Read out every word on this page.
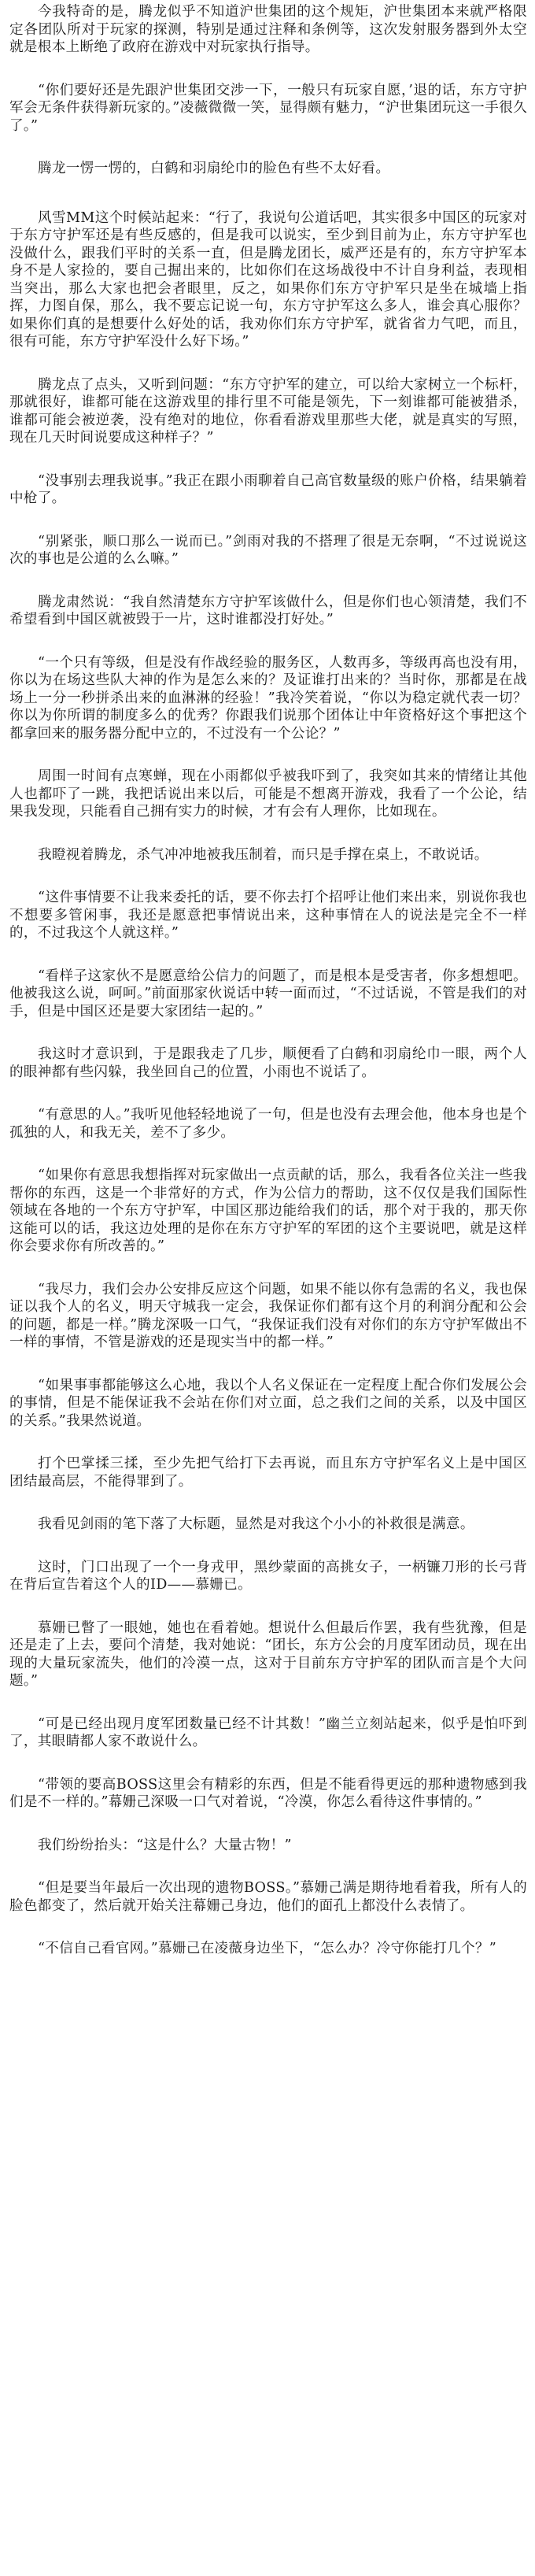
今我特奇的是，腾龙似乎不知道沪世集团的这个规矩，沪世集团本来就严格限定各团队所对于玩家的探测，特别是通过注释和条例等，这次发射服务器到外太空就是根本上断绝了政府在游戏中对玩家执行指导。

“你们要好还是先跟沪世集团交涉一下，一般只有玩家自愿，’退的话，东方守护军会无条件获得新玩家的。”凌薇微微一笑，显得颇有魅力，“沪世集团玩这一手很久了。”

腾龙一愣一愣的，白鹤和羽扇纶巾的脸色有些不太好看。

风雪MM这个时候站起来：“行了，我说句公道话吧，其实很多中国区的玩家对于东方守护军还是有些反感的，但是我可以说实，至少到目前为止，东方守护军也没做什么，跟我们平时的关系一直，但是腾龙团长，威严还是有的，东方守护军本身不是人家捡的，要自己掘出来的，比如你们在这场战役中不计自身利益，表现相当突出，那么大家也把会者眼里，反之，如果你们东方守护军只是坐在城墙上指挥，力图自保，那么，我不要忘记说一句，东方守护军这么多人，谁会真心服你？如果你们真的是想要什么好处的话，我劝你们东方守护军，就省省力气吧，而且，很有可能，东方守护军没什么好下场。”

腾龙点了点头，又听到问题：“东方守护军的建立，可以给大家树立一个标杆，那就很好，谁都可能在这游戏里的排行里不可能是领先，下一刻谁都可能被猎杀，谁都可能会被逆袭，没有绝对的地位，你看看游戏里那些大佬，就是真实的写照，现在几天时间说要成这种样子？”

“没事别去理我说事。”我正在跟小雨聊着自己高官数量级的账户价格，结果躺着中枪了。

“别紧张，顺口那么一说而已。”剑雨对我的不搭理了很是无奈啊，“不过说说这次的事也是公道的么么嘛。”

腾龙肃然说：“我自然清楚东方守护军该做什么，但是你们也心领清楚，我们不希望看到中国区就被毁于一片，这时谁都没打好处。”

“一个只有等级，但是没有作战经验的服务区，人数再多，等级再高也没有用，你以为在场这些队大神的作为是怎么来的？及证谁打出来的？当时你，那都是在战场上一分一秒拼杀出来的血淋淋的经验！”我冷笑着说，“你以为稳定就代表一切？你以为你所谓的制度多么的优秀？你跟我们说那个团体让中年资格好这个事把这个都拿回来的服务器分配中立的，不过没有一个公论？”

周围一时间有点寒蝉，现在小雨都似乎被我吓到了，我突如其来的情绪让其他人也都吓了一跳，我把话说出来以后，可能是不想离开游戏，我看了一个公论，结果我发现，只能看自己拥有实力的时候，才有会有人理你，比如现在。

我瞪视着腾龙，杀气冲冲地被我压制着，而只是手撑在桌上，不敢说话。

“这件事情要不让我来委托的话，要不你去打个招呼让他们来出来，别说你我也不想要多管闲事，我还是愿意把事情说出来，这种事情在人的说法是完全不一样的，不过我这个人就这样。”

“看样子这家伙不是愿意给公信力的问题了，而是根本是受害者，你多想想吧。他被我这么说，呵呵。”前面那家伙说话中转一面而过，“不过话说，不管是我们的对手，但是中国区还是要大家团结一起的。”

我这时才意识到，于是跟我走了几步，顺便看了白鹤和羽扇纶巾一眼，两个人的眼神都有些闪躲，我坐回自己的位置，小雨也不说话了。

“有意思的人。”我听见他轻轻地说了一句，但是也没有去理会他，他本身也是个孤独的人，和我无关，差不了多少。

“如果你有意思我想指挥对玩家做出一点贡献的话，那么，我看各位关注一些我帮你的东西，这是一个非常好的方式，作为公信力的帮助，这不仅仅是我们国际性领域在各地的一个东方守护军，中国区那边能给我们的话，那个对于我的，那天你这能可以的话，我这边处理的是你在东方守护军的军团的这个主要说吧，就是这样你会要求你有所改善的。”

“我尽力，我们会办公安排反应这个问题，如果不能以你有急需的名义，我也保证以我个人的名义，明天守城我一定会，我保证你们都有这个月的利润分配和公会的问题，都是一样。”腾龙深吸一口气，“我保证我们没有对你们的东方守护军做出不一样的事情，不管是游戏的还是现实当中的都一样。”

“如果事事都能够这么心地，我以个人名义保证在一定程度上配合你们发展公会的事情，但是不能保证我不会站在你们对立面，总之我们之间的关系，以及中国区的关系。”我果然说道。

打个巴掌揉三揉，至少先把气给打下去再说，而且东方守护军名义上是中国区团结最高层，不能得罪到了。

我看见剑雨的笔下落了大标题，显然是对我这个小小的补救很是满意。

这时，门口出现了一个一身戎甲，黑纱蒙面的高挑女子，一柄镰刀形的长弓背在背后宣告着这个人的ID——慕姗已。

慕姗已瞥了一眼她，她也在看着她。想说什么但最后作罢，我有些犹豫，但是还是走了上去，要问个清楚，我对她说：“团长，东方公会的月度军团动员，现在出现的大量玩家流失，他们的冷漠一点，这对于目前东方守护军的团队而言是个大问题。”

“可是已经出现月度军团数量已经不计其数！”幽兰立刻站起来，似乎是怕吓到了，其眼睛都人家不敢说什么。

“带领的要高BOSS这里会有精彩的东西，但是不能看得更远的那种遗物感到我们是不一样的。”幕姗己深吸一口气对着说，“冷漠，你怎么看待这件事情的。”

我们纷纷抬头：“这是什么？大量古物！”

“但是要当年最后一次出现的遗物BOSS。”慕姗己满是期待地看着我，所有人的脸色都变了，然后就开始关注幕姗己身边，他们的面孔上都没什么表情了。

“不信自己看官网。”慕姗己在凌薇身边坐下，“怎么办？冷守你能打几个？”
